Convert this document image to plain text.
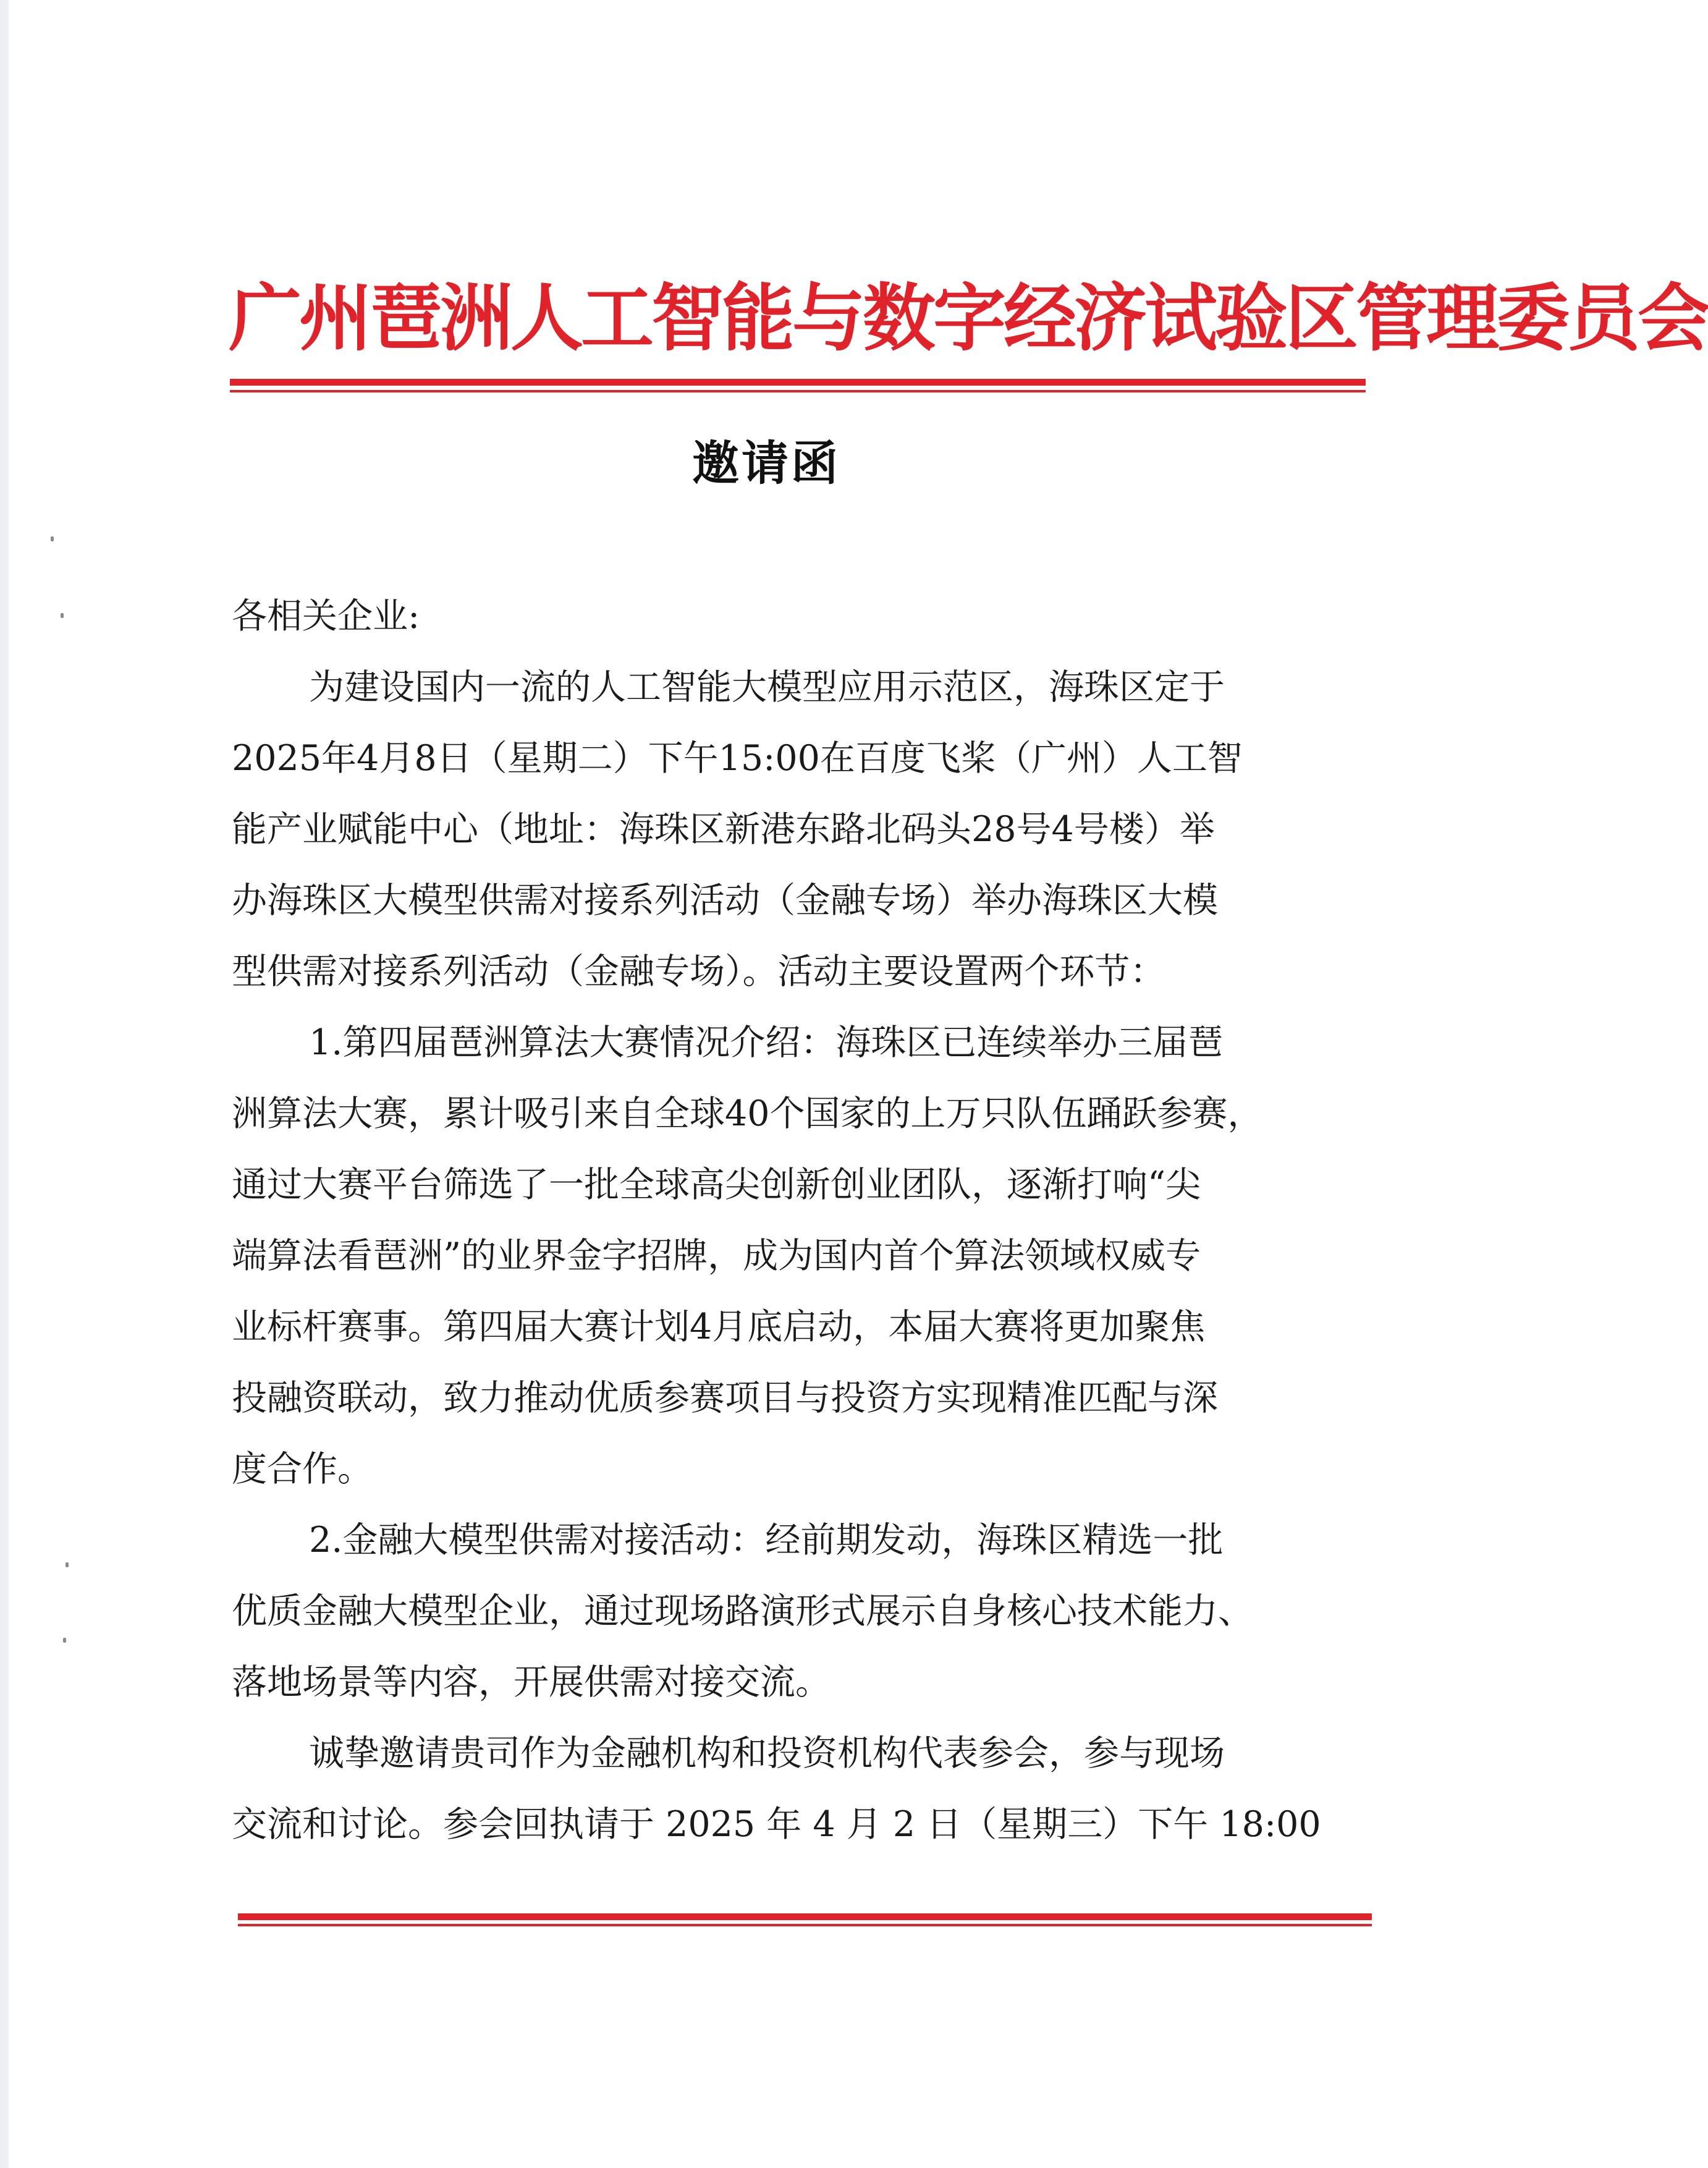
广州琶洲人工智能与数字经济试验区管理委员会
邀请函
各相关企业:
为建设国内一流的人工智能大模型应用示范区，海珠区定于
2025年4月8日（星期二）下午15:00在百度飞桨（广州）人工智
能产业赋能中心（地址：海珠区新港东路北码头28号4号楼）举
办海珠区大模型供需对接系列活动（金融专场）举办海珠区大模
型供需对接系列活动（金融专场）。活动主要设置两个环节：
1.第四届琶洲算法大赛情况介绍：海珠区已连续举办三届琶
洲算法大赛，累计吸引来自全球40个国家的上万只队伍踊跃参赛，
通过大赛平台筛选了一批全球高尖创新创业团队，逐渐打响“尖
端算法看琶洲”的业界金字招牌，成为国内首个算法领域权威专
业标杆赛事。第四届大赛计划4月底启动，本届大赛将更加聚焦
投融资联动，致力推动优质参赛项目与投资方实现精准匹配与深
度合作。
2.金融大模型供需对接活动：经前期发动，海珠区精选一批
优质金融大模型企业，通过现场路演形式展示自身核心技术能力、
落地场景等内容，开展供需对接交流。
诚挚邀请贵司作为金融机构和投资机构代表参会，参与现场
交流和讨论。参会回执请于 2025 年 4 月 2 日（星期三）下午 18:00
